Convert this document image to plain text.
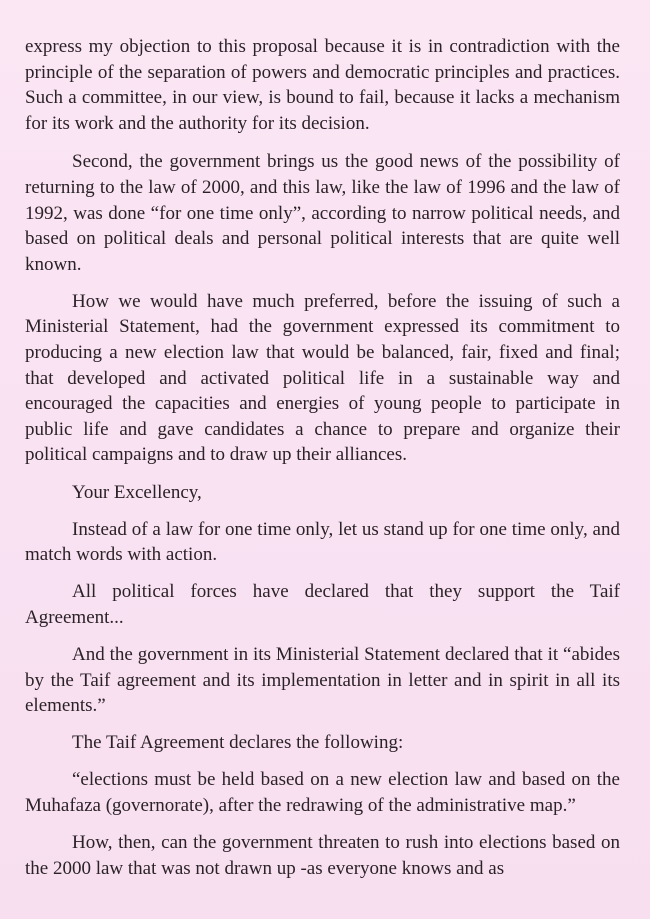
express my objection to this proposal because it is in contradiction with the principle of the separation of powers and democratic principles and practices. Such a committee, in our view, is bound to fail, because it lacks a mechanism for its work and the authority for its decision.

Second, the government brings us the good news of the possibility of returning to the law of 2000, and this law, like the law of 1996 and the law of 1992, was done “for one time only”, according to narrow political needs, and based on political deals and personal political interests that are quite well known.

How we would have much preferred, before the issuing of such a Ministerial Statement, had the government expressed its commitment to producing a new election law that would be balanced, fair, fixed and final; that developed and activated political life in a sustainable way and encouraged the capacities and energies of young people to participate in public life and gave candidates a chance to prepare and organize their political campaigns and to draw up their alliances.

Your Excellency,

Instead of a law for one time only, let us stand up for one time only, and match words with action.

All political forces have declared that they support the Taif Agreement...

And the government in its Ministerial Statement declared that it “abides by the Taif agreement and its implementation in letter and in spirit in all its elements.”

The Taif Agreement declares the following:

“elections must be held based on a new election law and based on the Muhafaza (governorate), after the redrawing of the administrative map.”

How, then, can the government threaten to rush into elections based on the 2000 law that was not drawn up -as everyone knows and as
